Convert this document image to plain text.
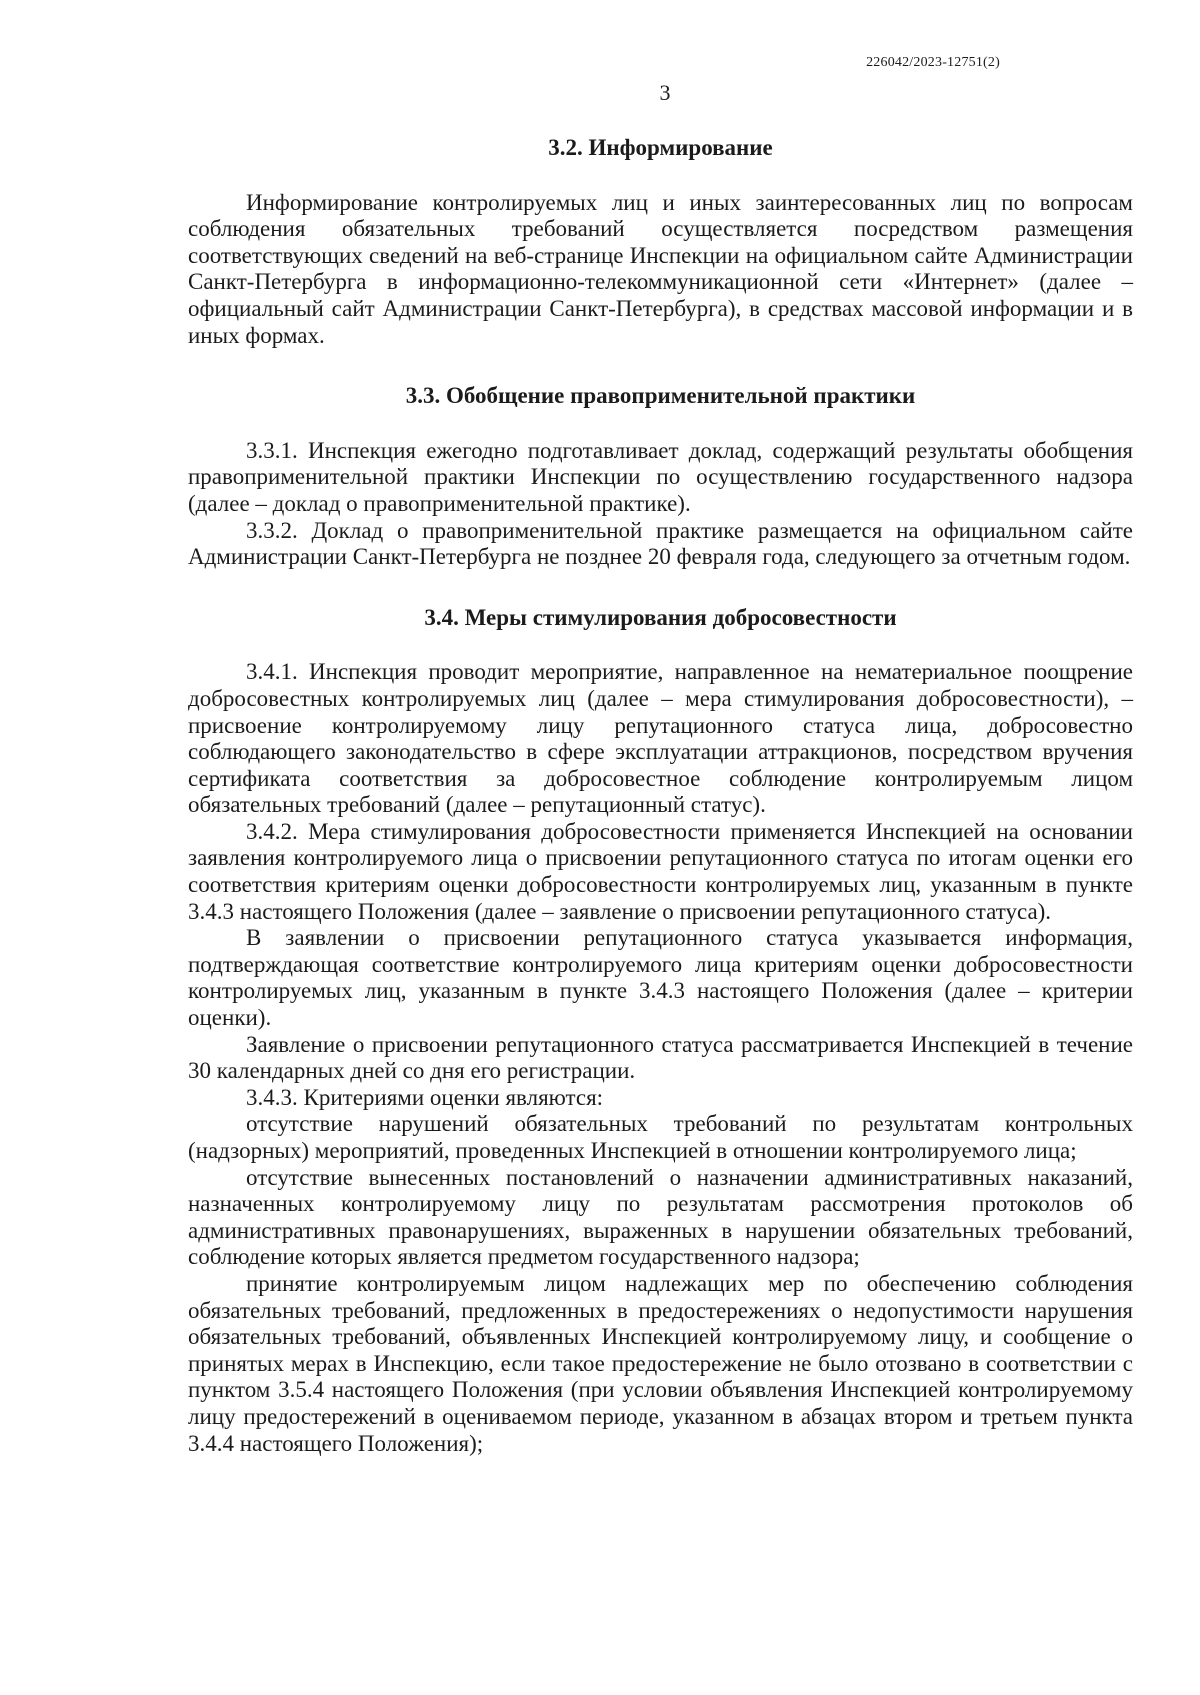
226042/2023-12751(2)
3

3.2. Информирование

Информирование контролируемых лиц и иных заинтересованных лиц по вопросам соблюдения обязательных требований осуществляется посредством размещения соответствующих сведений на веб-странице Инспекции на официальном сайте Администрации Санкт-Петербурга в информационно-телекоммуникационной сети «Интернет» (далее – официальный сайт Администрации Санкт-Петербурга), в средствах массовой информации и в иных формах.

3.3. Обобщение правоприменительной практики

3.3.1. Инспекция ежегодно подготавливает доклад, содержащий результаты обобщения правоприменительной практики Инспекции по осуществлению государственного надзора (далее – доклад о правоприменительной практике).

3.3.2. Доклад о правоприменительной практике размещается на официальном сайте Администрации Санкт-Петербурга не позднее 20 февраля года, следующего за отчетным годом.

3.4. Меры стимулирования добросовестности

3.4.1. Инспекция проводит мероприятие, направленное на нематериальное поощрение добросовестных контролируемых лиц (далее – мера стимулирования добросовестности), – присвоение контролируемому лицу репутационного статуса лица, добросовестно соблюдающего законодательство в сфере эксплуатации аттракционов, посредством вручения сертификата соответствия за добросовестное соблюдение контролируемым лицом обязательных требований (далее – репутационный статус).

3.4.2. Мера стимулирования добросовестности применяется Инспекцией на основании заявления контролируемого лица о присвоении репутационного статуса по итогам оценки его соответствия критериям оценки добросовестности контролируемых лиц, указанным в пункте 3.4.3 настоящего Положения (далее – заявление о присвоении репутационного статуса).

В заявлении о присвоении репутационного статуса указывается информация, подтверждающая соответствие контролируемого лица критериям оценки добросовестности контролируемых лиц, указанным в пункте 3.4.3 настоящего Положения (далее – критерии оценки).

Заявление о присвоении репутационного статуса рассматривается Инспекцией в течение 30 календарных дней со дня его регистрации.

3.4.3. Критериями оценки являются:

отсутствие нарушений обязательных требований по результатам контрольных (надзорных) мероприятий, проведенных Инспекцией в отношении контролируемого лица;

отсутствие вынесенных постановлений о назначении административных наказаний, назначенных контролируемому лицу по результатам рассмотрения протоколов об административных правонарушениях, выраженных в нарушении обязательных требований, соблюдение которых является предметом государственного надзора;

принятие контролируемым лицом надлежащих мер по обеспечению соблюдения обязательных требований, предложенных в предостережениях о недопустимости нарушения обязательных требований, объявленных Инспекцией контролируемому лицу, и сообщение о принятых мерах в Инспекцию, если такое предостережение не было отозвано в соответствии с пунктом 3.5.4 настоящего Положения (при условии объявления Инспекцией контролируемому лицу предостережений в оцениваемом периоде, указанном в абзацах втором и третьем пункта 3.4.4 настоящего Положения);
